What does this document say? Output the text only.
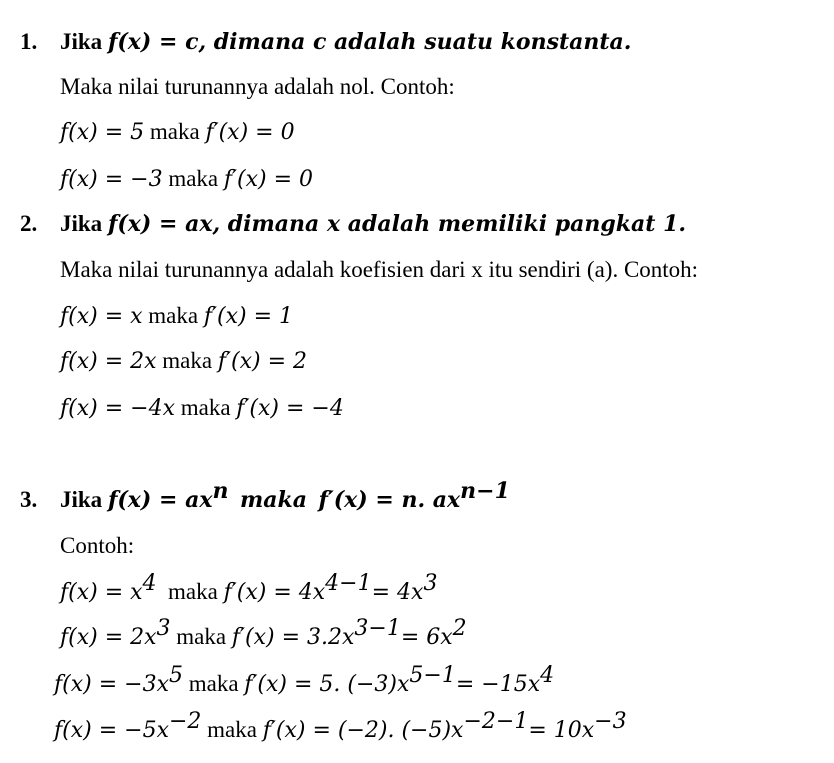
1. Jika f(x) = c, dimana c adalah suatu konstanta.
Maka nilai turunannya adalah nol. Contoh:
f(x) = 5 maka f′(x) = 0
f(x) = −3 maka f′(x) = 0
2. Jika f(x) = ax, dimana x adalah memiliki pangkat 1.
Maka nilai turunannya adalah koefisien dari x itu sendiri (a). Contoh:
f(x) = x maka f′(x) = 1
f(x) = 2x maka f′(x) = 2
f(x) = −4x maka f′(x) = −4
3. Jika $f(x) = ax^n$ maka f′(x) = n. $ax^{n-1}$
Contoh:
$f(x) = x^4$ maka $f'(x) = 4x^{4-1}= 4x^3$
$f(x) = 2x^3$ maka $f'(x) = 3.2x^{3-1}= 6x^2$
$f(x) = -3x^5$ maka f′(x) = 5. $(-3)x^{5-1}= -15x^4$
$f(x) = -5x^{-2}$ maka f′(x) = (−2). $(-5)x^{-2-1}= 10x^{-3}$
